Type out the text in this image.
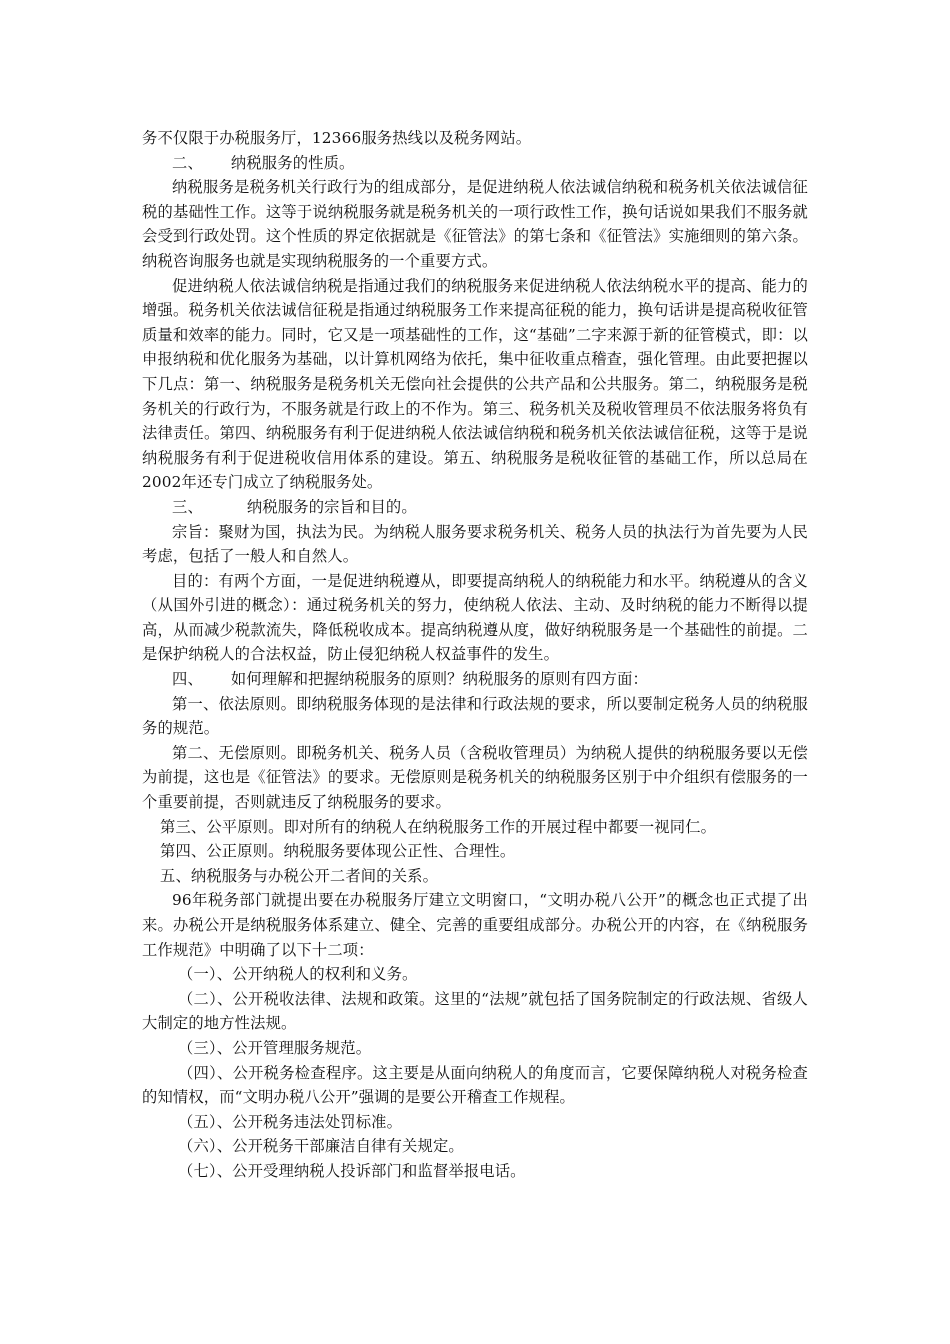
务不仅限于办税服务厅，12366服务热线以及税务网站。

二、 纳税服务的性质。

纳税服务是税务机关行政行为的组成部分，是促进纳税人依法诚信纳税和税务机关依法诚信征税的基础性工作。这等于说纳税服务就是税务机关的一项行政性工作，换句话说如果我们不服务就会受到行政处罚。这个性质的界定依据就是《征管法》的第七条和《征管法》实施细则的第六条。纳税咨询服务也就是实现纳税服务的一个重要方式。

促进纳税人依法诚信纳税是指通过我们的纳税服务来促进纳税人依法纳税水平的提高、能力的增强。税务机关依法诚信征税是指通过纳税服务工作来提高征税的能力，换句话讲是提高税收征管质量和效率的能力。同时，它又是一项基础性的工作，这“基础”二字来源于新的征管模式，即：以申报纳税和优化服务为基础，以计算机网络为依托，集中征收重点稽查，强化管理。由此要把握以下几点：第一、纳税服务是税务机关无偿向社会提供的公共产品和公共服务。第二，纳税服务是税务机关的行政行为，不服务就是行政上的不作为。第三、税务机关及税收管理员不依法服务将负有法律责任。第四、纳税服务有利于促进纳税人依法诚信纳税和税务机关依法诚信征税，这等于是说纳税服务有利于促进税收信用体系的建设。第五、纳税服务是税收征管的基础工作，所以总局在2002年还专门成立了纳税服务处。

三、	纳税服务的宗旨和目的。

宗旨：聚财为国，执法为民。为纳税人服务要求税务机关、税务人员的执法行为首先要为人民考虑，包括了一般人和自然人。

目的：有两个方面，一是促进纳税遵从，即要提高纳税人的纳税能力和水平。纳税遵从的含义（从国外引进的概念）：通过税务机关的努力，使纳税人依法、主动、及时纳税的能力不断得以提高，从而减少税款流失，降低税收成本。提高纳税遵从度，做好纳税服务是一个基础性的前提。二是保护纳税人的合法权益，防止侵犯纳税人权益事件的发生。

四、 如何理解和把握纳税服务的原则？纳税服务的原则有四方面：

第一、依法原则。即纳税服务体现的是法律和行政法规的要求，所以要制定税务人员的纳税服务的规范。

第二、无偿原则。即税务机关、税务人员（含税收管理员）为纳税人提供的纳税服务要以无偿为前提，这也是《征管法》的要求。无偿原则是税务机关的纳税服务区别于中介组织有偿服务的一个重要前提，否则就违反了纳税服务的要求。

第三、公平原则。即对所有的纳税人在纳税服务工作的开展过程中都要一视同仁。

第四、公正原则。纳税服务要体现公正性、合理性。

五、纳税服务与办税公开二者间的关系。

96年税务部门就提出要在办税服务厅建立文明窗口，“文明办税八公开”的概念也正式提了出来。办税公开是纳税服务体系建立、健全、完善的重要组成部分。办税公开的内容，在《纳税服务工作规范》中明确了以下十二项：

（一）、公开纳税人的权利和义务。

（二）、公开税收法律、法规和政策。这里的“法规”就包括了国务院制定的行政法规、省级人大制定的地方性法规。

（三）、公开管理服务规范。

（四）、公开税务检查程序。这主要是从面向纳税人的角度而言，它要保障纳税人对税务检查的知情权，而“文明办税八公开”强调的是要公开稽查工作规程。

（五）、公开税务违法处罚标准。

（六）、公开税务干部廉洁自律有关规定。

（七）、公开受理纳税人投诉部门和监督举报电话。
